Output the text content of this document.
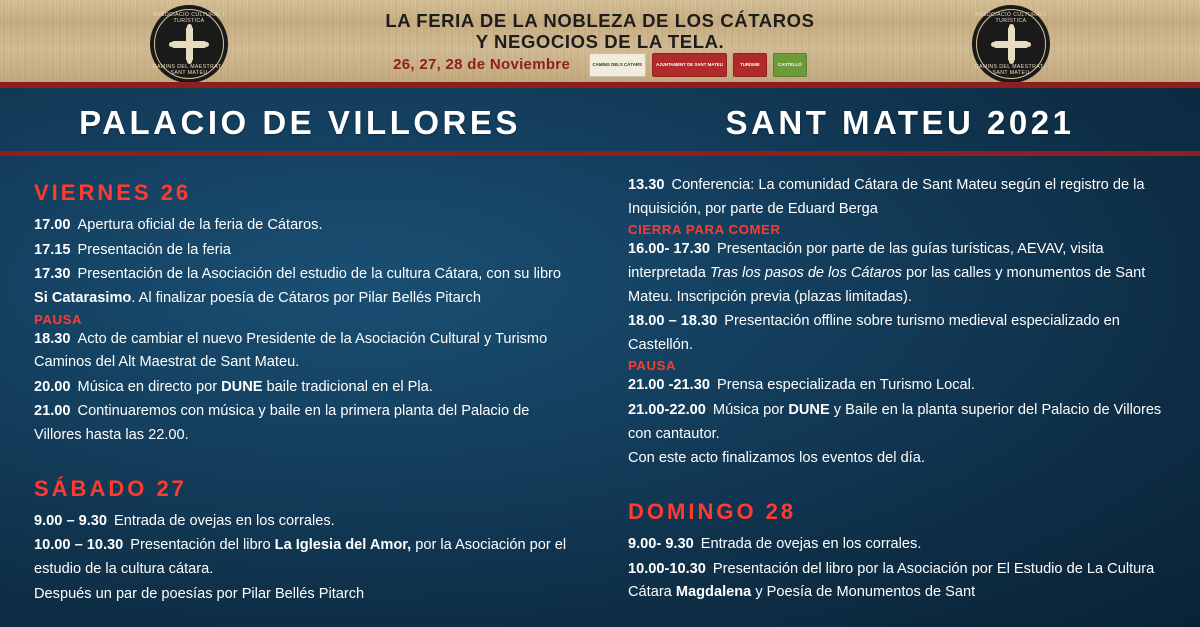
ASSOCIACIÓ CULTURAL I TURÍSTICA
CAMINS DEL MAESTRAT · SANT MATEU
LA FERIA DE LA NOBLEZA DE LOS CÁTAROS
Y NEGOCIOS DE LA TELA.
26, 27, 28 de Noviembre	CAMINS DELS CÀTARS	AJUNTAMENT DE SANT MATEU	TURISME	CASTELLÓ
ASSOCIACIÓ CULTURAL I TURÍSTICA
CAMINS DEL MAESTRAT · SANT MATEU
PALACIO DE VILLORES	SANT MATEU 2021
VIERNES 26
17.00 Apertura oficial de la feria de Cátaros.
17.15 Presentación de la feria
17.30 Presentación de la Asociación del estudio de la cultura Cátara, con su libro Si Catarasimo. Al finalizar poesía de Cátaros por Pilar Bellés Pitarch
PAUSA
18.30 Acto de cambiar el nuevo Presidente de la Asociación Cultural y Turismo Caminos del Alt Maestrat de Sant Mateu.
20.00 Música en directo por DUNE baile tradicional en el Pla.
21.00 Continuaremos con música y baile en la primera planta del Palacio de Villores hasta las 22.00.
SÁBADO 27
9.00 – 9.30 Entrada de ovejas en los corrales.
10.00 – 10.30 Presentación del libro La Iglesia del Amor, por la Asociación por el estudio de la cultura cátara.
Después un par de poesías por Pilar Bellés Pitarch
13.30 Conferencia: La comunidad Cátara de Sant Mateu según el registro de la Inquisición, por parte de Eduard Berga
CIERRA PARA COMER
16.00- 17.30 Presentación por parte de las guías turísticas, AEVAV, visita interpretada Tras los pasos de los Cátaros por las calles y monumentos de Sant Mateu. Inscripción previa (plazas limitadas).
18.00 – 18.30 Presentación offline sobre turismo medieval especializado en Castellón.
PAUSA
21.00 -21.30 Prensa especializada en Turismo Local.
21.00-22.00 Música por DUNE y Baile en la planta superior del Palacio de Villores con cantautor.
Con este acto finalizamos los eventos del día.
DOMINGO 28
9.00- 9.30 Entrada de ovejas en los corrales.
10.00-10.30 Presentación del libro por la Asociación por El Estudio de La Cultura Cátara Magdalena y Poesía de Monumentos de Sant
